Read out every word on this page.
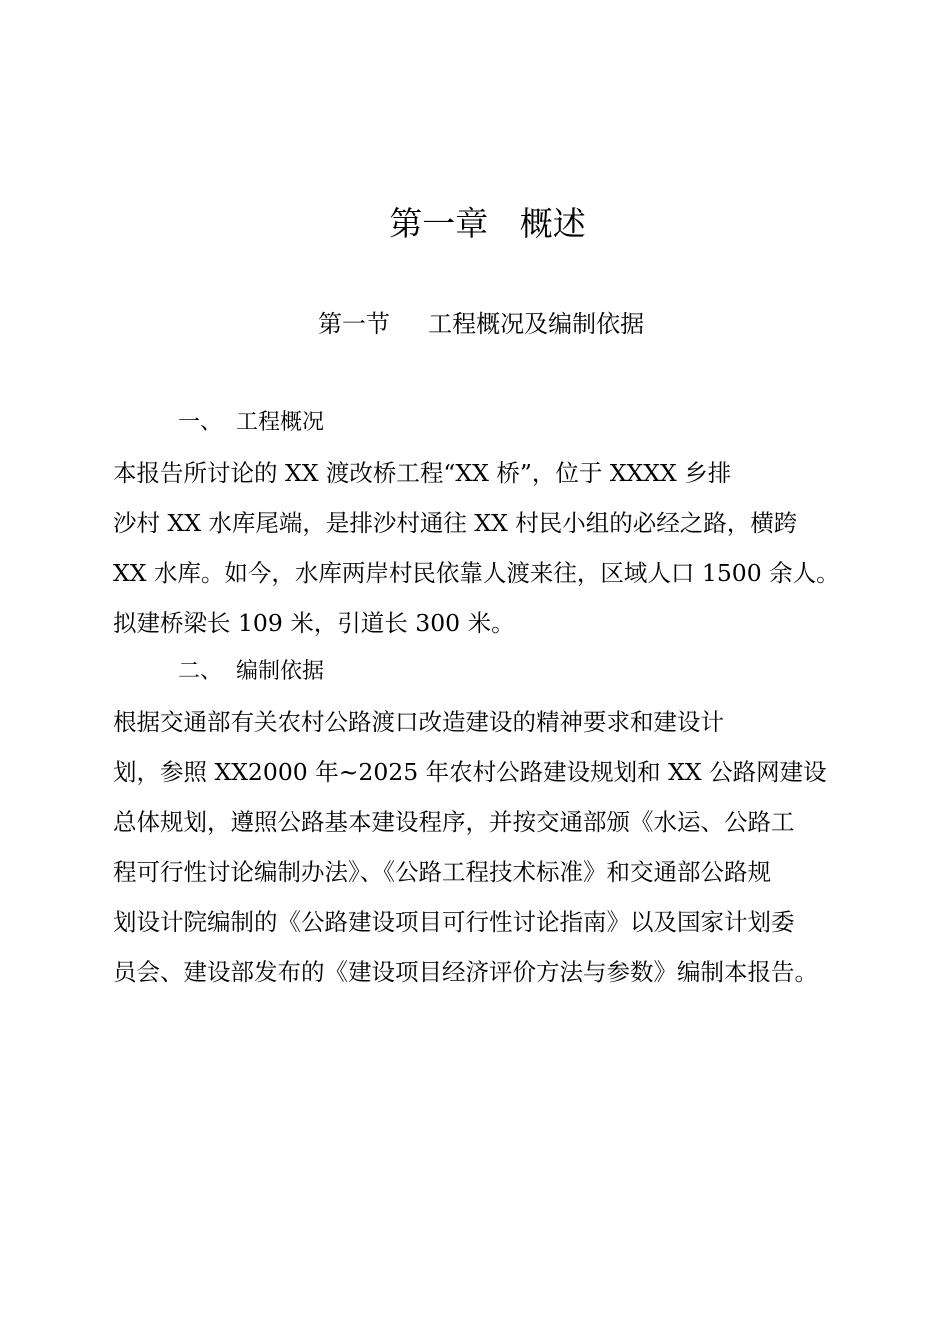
第一章   概述
第一节     工程概况及编制依据
一、  工程概况
本报告所讨论的 XX 渡改桥工程“XX 桥”，位于 XXXX 乡排
沙村 XX 水库尾端，是排沙村通往 XX 村民小组的必经之路，横跨
XX 水库。如今，水库两岸村民依靠人渡来往，区域人口 1500 余人。
拟建桥梁长 109 米，引道长 300 米。
二、  编制依据
根据交通部有关农村公路渡口改造建设的精神要求和建设计
划，参照 XX2000 年~2025 年农村公路建设规划和 XX 公路网建设
总体规划，遵照公路基本建设程序，并按交通部颁《水运、公路工
程可行性讨论编制办法》、《公路工程技术标准》和交通部公路规
划设计院编制的《公路建设项目可行性讨论指南》以及国家计划委
员会、建设部发布的《建设项目经济评价方法与参数》编制本报告。
